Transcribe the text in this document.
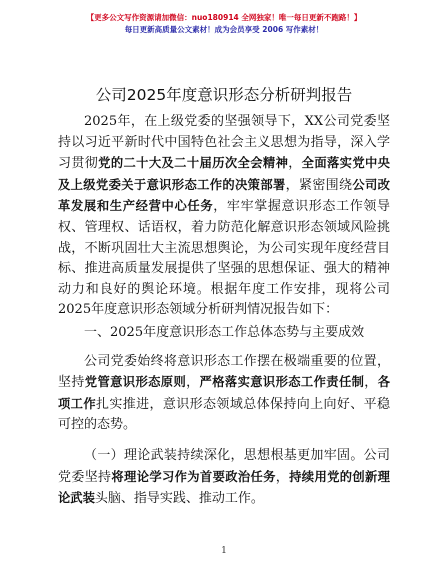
【更多公文写作资源请加微信：nuo180914 全网独家！唯一每日更新不跑路！】
每日更新高质量公文素材！成为会员享受 2006 写作素材！
公司2025年度意识形态分析研判报告

2025年，在上级党委的坚强领导下，XX公司党委坚持以习近平新时代中国特色社会主义思想为指导，深入学习贯彻党的二十大及二十届历次全会精神，全面落实党中央及上级党委关于意识形态工作的决策部署，紧密围绕公司改革发展和生产经营中心任务，牢牢掌握意识形态工作领导权、管理权、话语权，着力防范化解意识形态领域风险挑战，不断巩固壮大主流思想舆论，为公司实现年度经营目标、推进高质量发展提供了坚强的思想保证、强大的精神动力和良好的舆论环境。根据年度工作安排，现将公司2025年度意识形态领域分析研判情况报告如下：

一、2025年度意识形态工作总体态势与主要成效

公司党委始终将意识形态工作摆在极端重要的位置，坚持党管意识形态原则，严格落实意识形态工作责任制，各项工作扎实推进，意识形态领域总体保持向上向好、平稳可控的态势。

（一）理论武装持续深化，思想根基更加牢固。公司党委坚持将理论学习作为首要政治任务，持续用党的创新理论武装头脑、指导实践、推动工作。

1
